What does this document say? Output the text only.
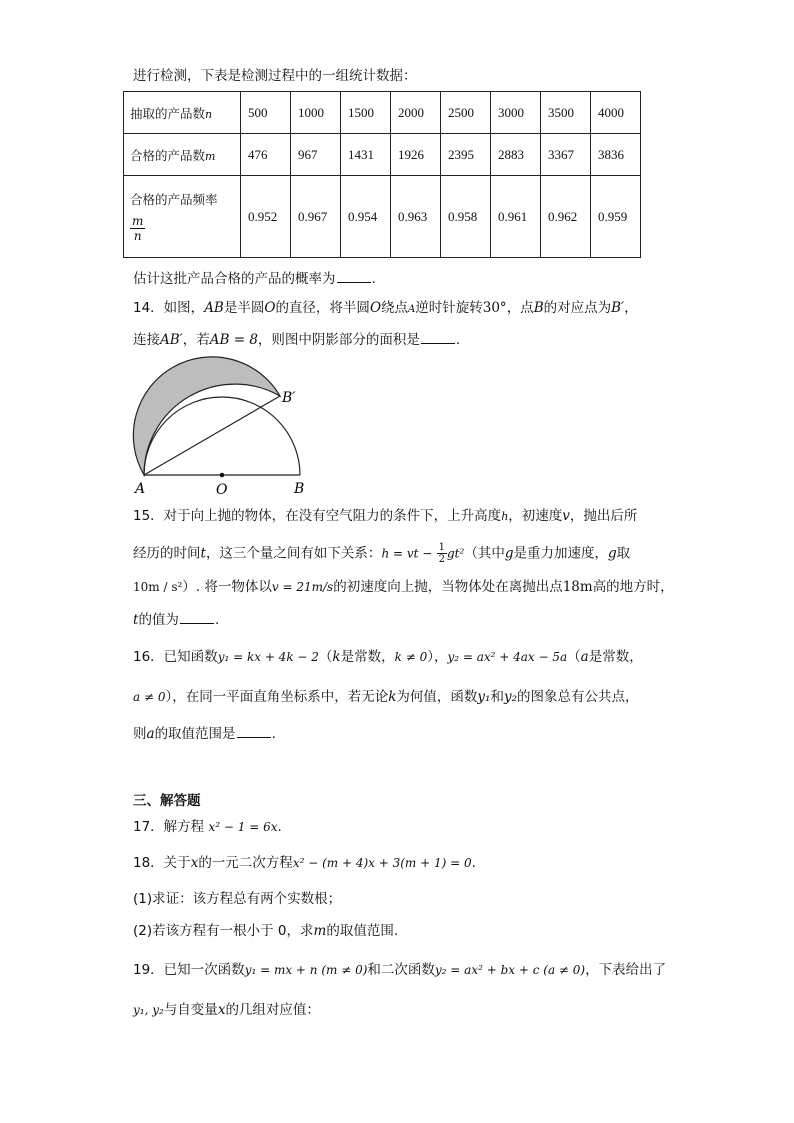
进行检测，下表是检测过程中的一组统计数据：
抽取的产品数n	500	1000	1500	2000	2500	3000	3500	4000
合格的产品数m	476	967	1431	1926	2395	2883	3367	3836

合格的产品频率
$\frac{m}{n}$	0.952	0.967	0.954	0.963	0.958	0.961	0.962	0.959
估计这批产品合格的产品的概率为	.
14．如图，AB是半圆O的直径，将半圆O绕点A逆时针旋转30°，点B的对应点为B′，
连接AB′，若AB = 8，则图中阴影部分的面积是	.
A	O	B
B′
15．对于向上抛的物体，在没有空气阻力的条件下，上升高度h，初速度v，抛出后所
经历的时间t，这三个量之间有如下关系：h = vt − $\frac{1}{2} gt^2$（其中g是重力加速度，g取
10m / s²）. 将一物体以v = 21m/s的初速度向上抛，当物体处在离抛出点18m高的地方时，
t的值为	.
16．已知函数y₁ = kx + 4k − 2（k是常数，k ≠ 0），y₂ = ax² + 4ax − 5a（a是常数，
a ≠ 0），在同一平面直角坐标系中，若无论k为何值，函数y₁和y₂的图象总有公共点，
则a的取值范围是	.
三、解答题
17．解方程 x² − 1 = 6x.
18．关于x的一元二次方程x² − (m + 4)x + 3(m + 1) = 0.
(1)求证：该方程总有两个实数根；
(2)若该方程有一根小于 0，求m的取值范围.
19．已知一次函数y₁ = mx + n (m ≠ 0)和二次函数y₂ = ax² + bx + c (a ≠ 0)，下表给出了
y₁, y₂与自变量x的几组对应值：
